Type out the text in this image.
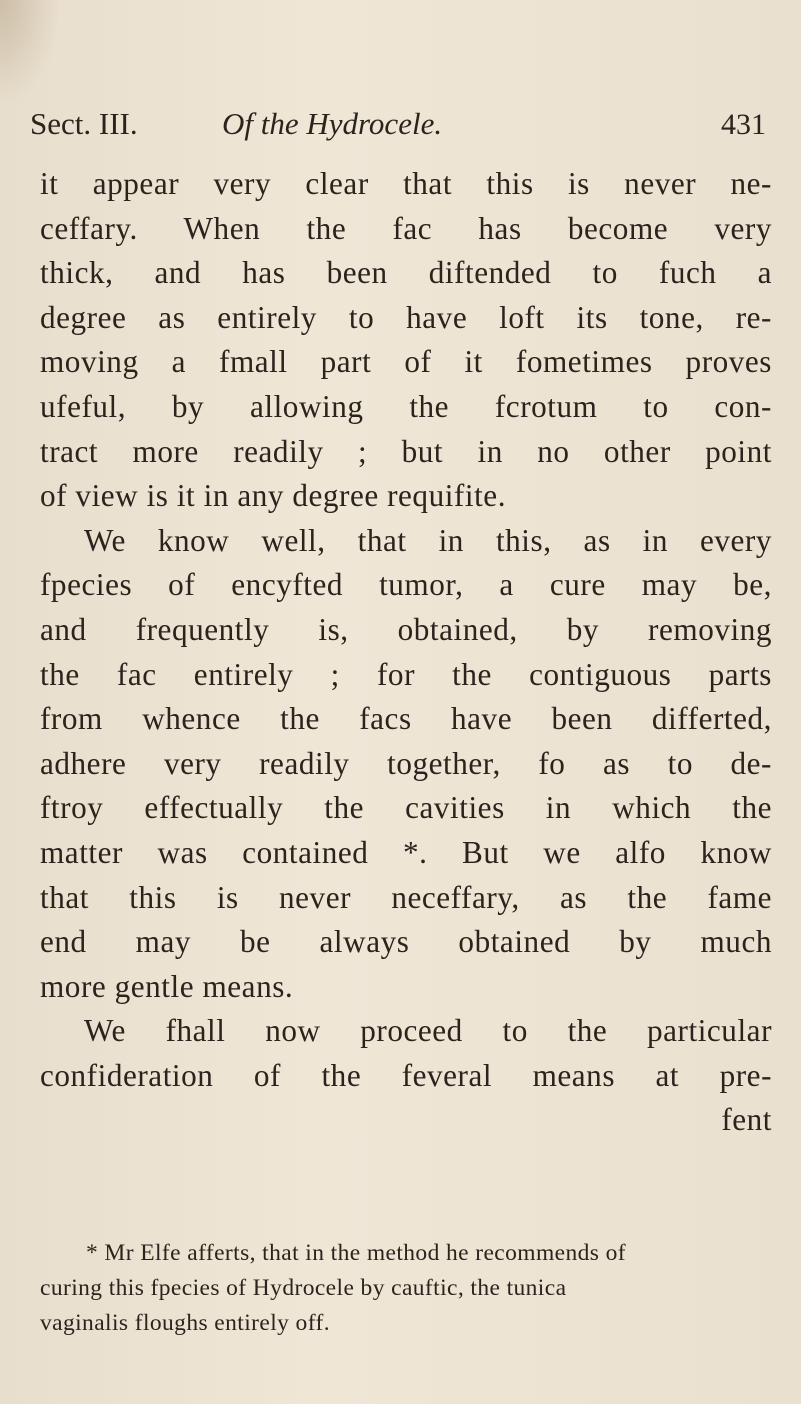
Sect. III.	Of the Hydrocele.	431
it appear very clear that this is never ne-
ceffary. When the fac has become very
thick, and has been diftended to fuch a
degree as entirely to have loft its tone, re-
moving a fmall part of it fometimes proves
ufeful, by allowing the fcrotum to con-
tract more readily ; but in no other point
of view is it in any degree requifite.
We know well, that in this, as in every
fpecies of encyfted tumor, a cure may be,
and frequently is, obtained, by removing
the fac entirely ; for the contiguous parts
from whence the facs have been differted,
adhere very readily together, fo as to de-
ftroy effectually the cavities in which the
matter was contained *. But we alfo know
that this is never neceffary, as the fame
end may be always obtained by much
more gentle means.
We fhall now proceed to the particular
confideration of the feveral means at pre-
fent
* Mr Elfe afferts, that in the method he recommends of
curing this fpecies of Hydrocele by cauftic, the tunica
vaginalis floughs entirely off.
